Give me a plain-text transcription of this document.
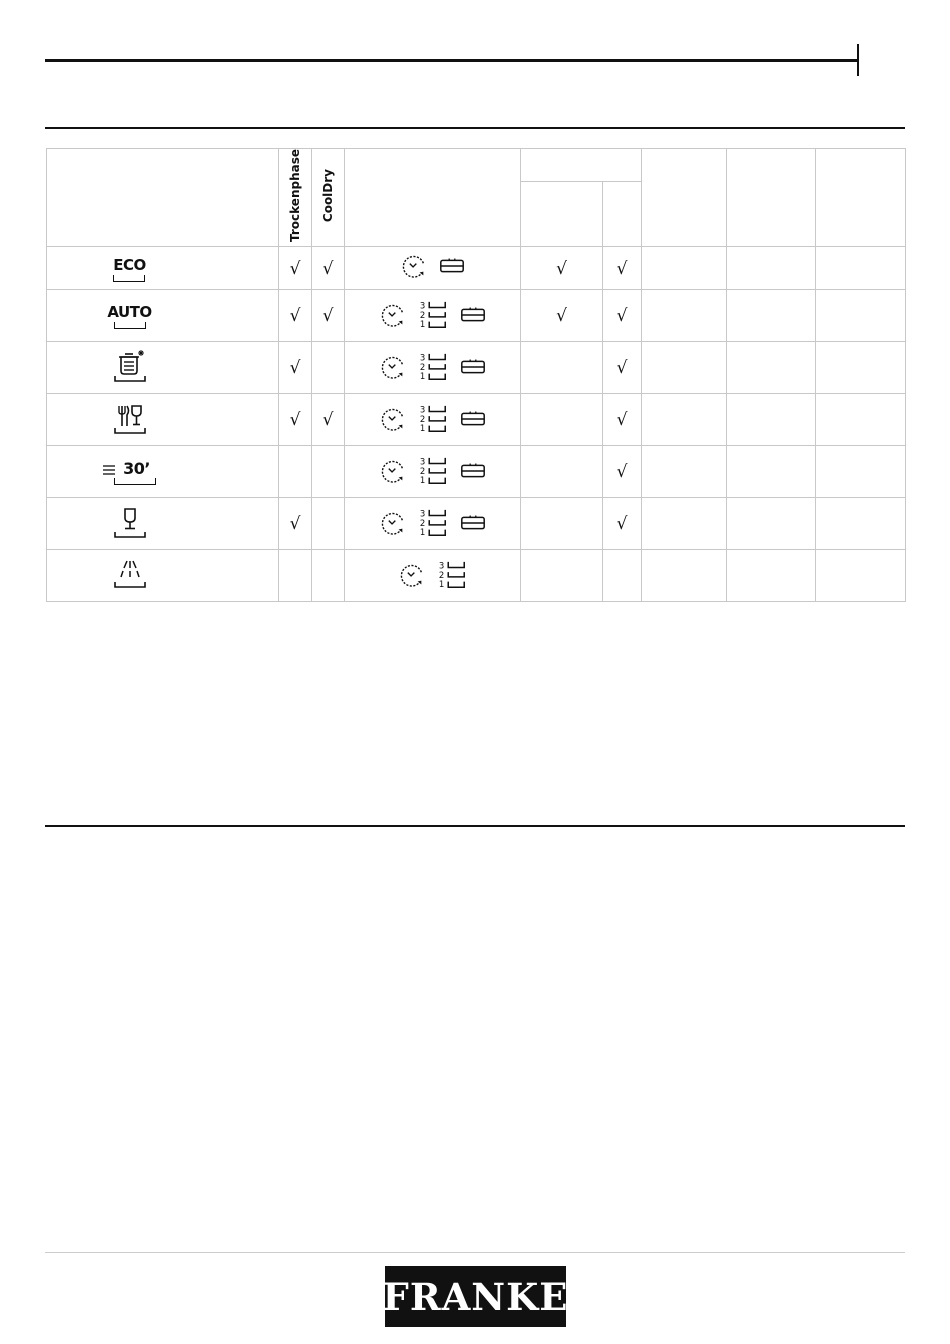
	Trockenphase	CoolDry						

ECO	√	√		√	√			

AUTO	√	√		√	√			
	√				√			
	√	√			√			

30’					√			
	√				√			

FRANKE
